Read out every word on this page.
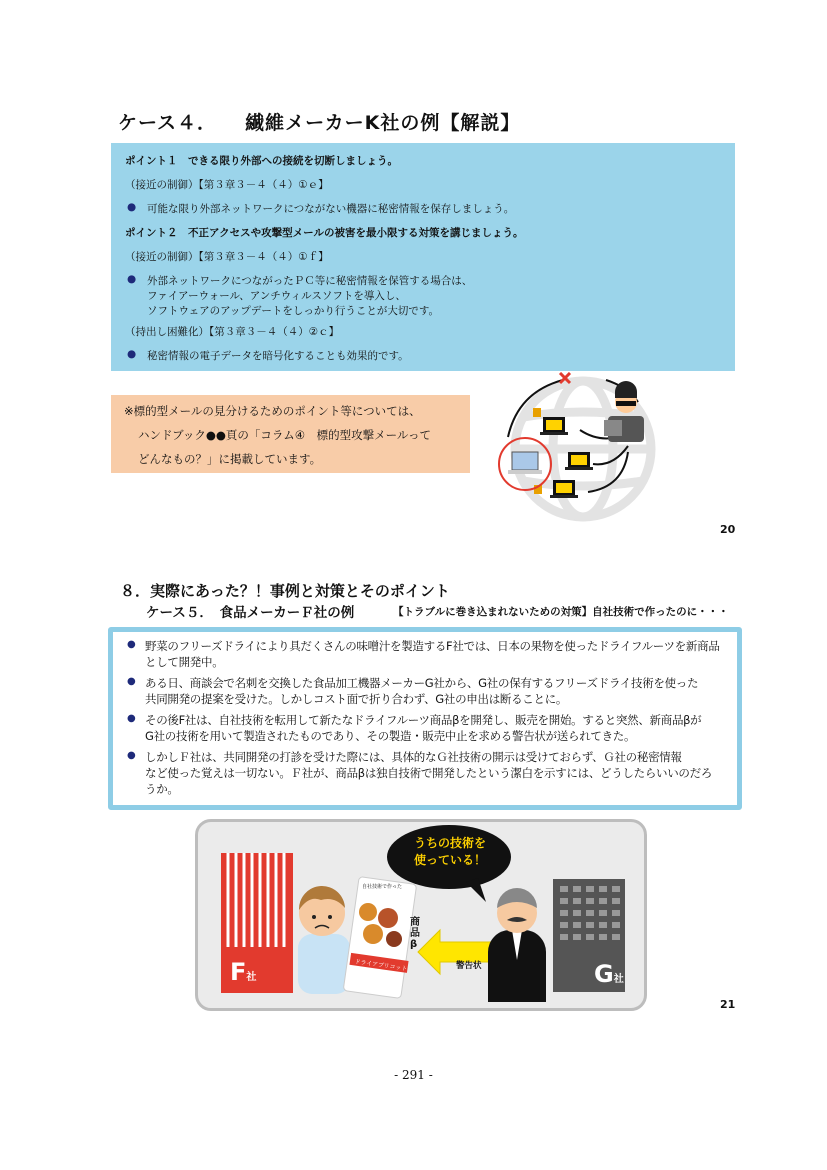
ケース４． 繊維メーカーK社の例【解説】
ポイント１　できる限り外部への接続を切断しましょう。
（接近の制御）【第３章３－４（４）①ｅ】
● 可能な限り外部ネットワークにつながない機器に秘密情報を保存しましょう。
ポイント２　不正アクセスや攻撃型メールの被害を最小限する対策を講じましょう。
（接近の制御）【第３章３－４（４）①ｆ】
● 外部ネットワークにつながったＰＣ等に秘密情報を保管する場合は、
ファイアーウォール、アンチウィルスソフトを導入し、
ソフトウェアのアップデートをしっかり行うことが大切です。
（持出し困難化）【第３章３－４（４）②ｃ】
● 秘密情報の電子データを暗号化することも効果的です。
※標的型メールの見分けるためのポイント等については、
ハンドブック●●頁の「コラム④　標的型攻撃メールって
どんなもの？」に掲載しています。
20
８．実際にあった？！事例と対策とそのポイント
ケース５．　食品メーカーＦ社の例	【トラブルに巻き込まれないための対策】自社技術で作ったのに・・・
● 野菜のフリーズドライにより具だくさんの味噌汁を製造するF社では、日本の果物を使ったドライフルーツを新商品
として開発中。
● ある日、商談会で名刺を交換した食品加工機器メーカーG社から、G社の保有するフリーズドライ技術を使った
共同開発の提案を受けた。しかしコスト面で折り合わず、G社の申出は断ることに。
● その後F社は、自社技術を転用して新たなドライフルーツ商品βを開発し、販売を開始。すると突然、新商品βが
G社の技術を用いて製造されたものであり、その製造・販売中止を求める警告状が送られてきた。
● しかしＦ社は、共同開発の打診を受けた際には、具体的なＧ社技術の開示は受けておらず、Ｇ社の秘密情報
など使った覚えは一切ない。Ｆ社が、商品βは独自技術で開発したという潔白を示すには、どうしたらいいのだろ
うか。
うちの技術を
使っている！
警告状
F社	G社
商品β
自社技術で作った
ドライアプリコット
21
- 291 -
